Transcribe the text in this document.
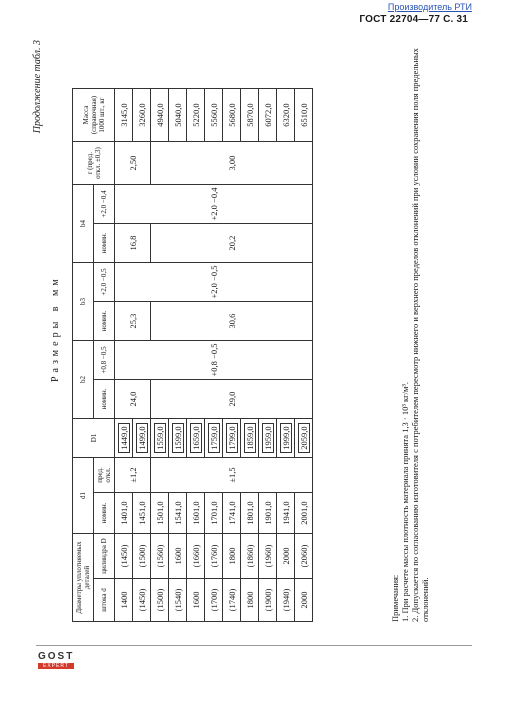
Производитель РТИ
ГОСТ 22704—77 С. 31
Продолжение табл. 3
Размеры в мм
Диаметры уплотняемых деталей		d1		D1	b2		b3		b4		r (пред. откл. ±0,3)	Масса (справочная) 1000 шт., кг
штока d	цилиндра D	номин.	пред. откл.		номин.	+0,8 −0,5	номин.	+2,0 −0,5	номин.	+2,0 −0,4		
1400	(1450)	1401,0	±1,2	1449,0	24,0	+0,8 −0,5	25,3	+2,0 −0,5	16,8	+2,0 −0,4	2,50	3145,0
(1450)	(1500)	1451,0		1499,0								3260,0
(1500)	(1560)	1501,0	±1,5	1559,0	29,0		30,6		20,2		3,00	4940,0
(1540)	1600	1541,0		1599,0								5040,0
1600	(1660)	1601,0		1659,0								5220,0
(1700)	(1760)	1701,0		1759,0								5560,0
(1740)	1800	1741,0		1799,0								5680,0
1800	(1860)	1801,0		1859,0								5870,0
(1900)	(1960)	1901,0		1959,0								6072,0
(1940)	2000	1941,0		1999,0								6320,0
2000	(2060)	2001,0		2059,0								6510,0
Примечания: 1. При расчете массы плотность материала принята 1,3 · 10³ кг/м³. 2. Допускается по согласованию изготовителя с потребителем пересмотр нижнего и верхнего пределов отклонений при условии сохранения поля предельных отклонений.
GOST
EXPERT
